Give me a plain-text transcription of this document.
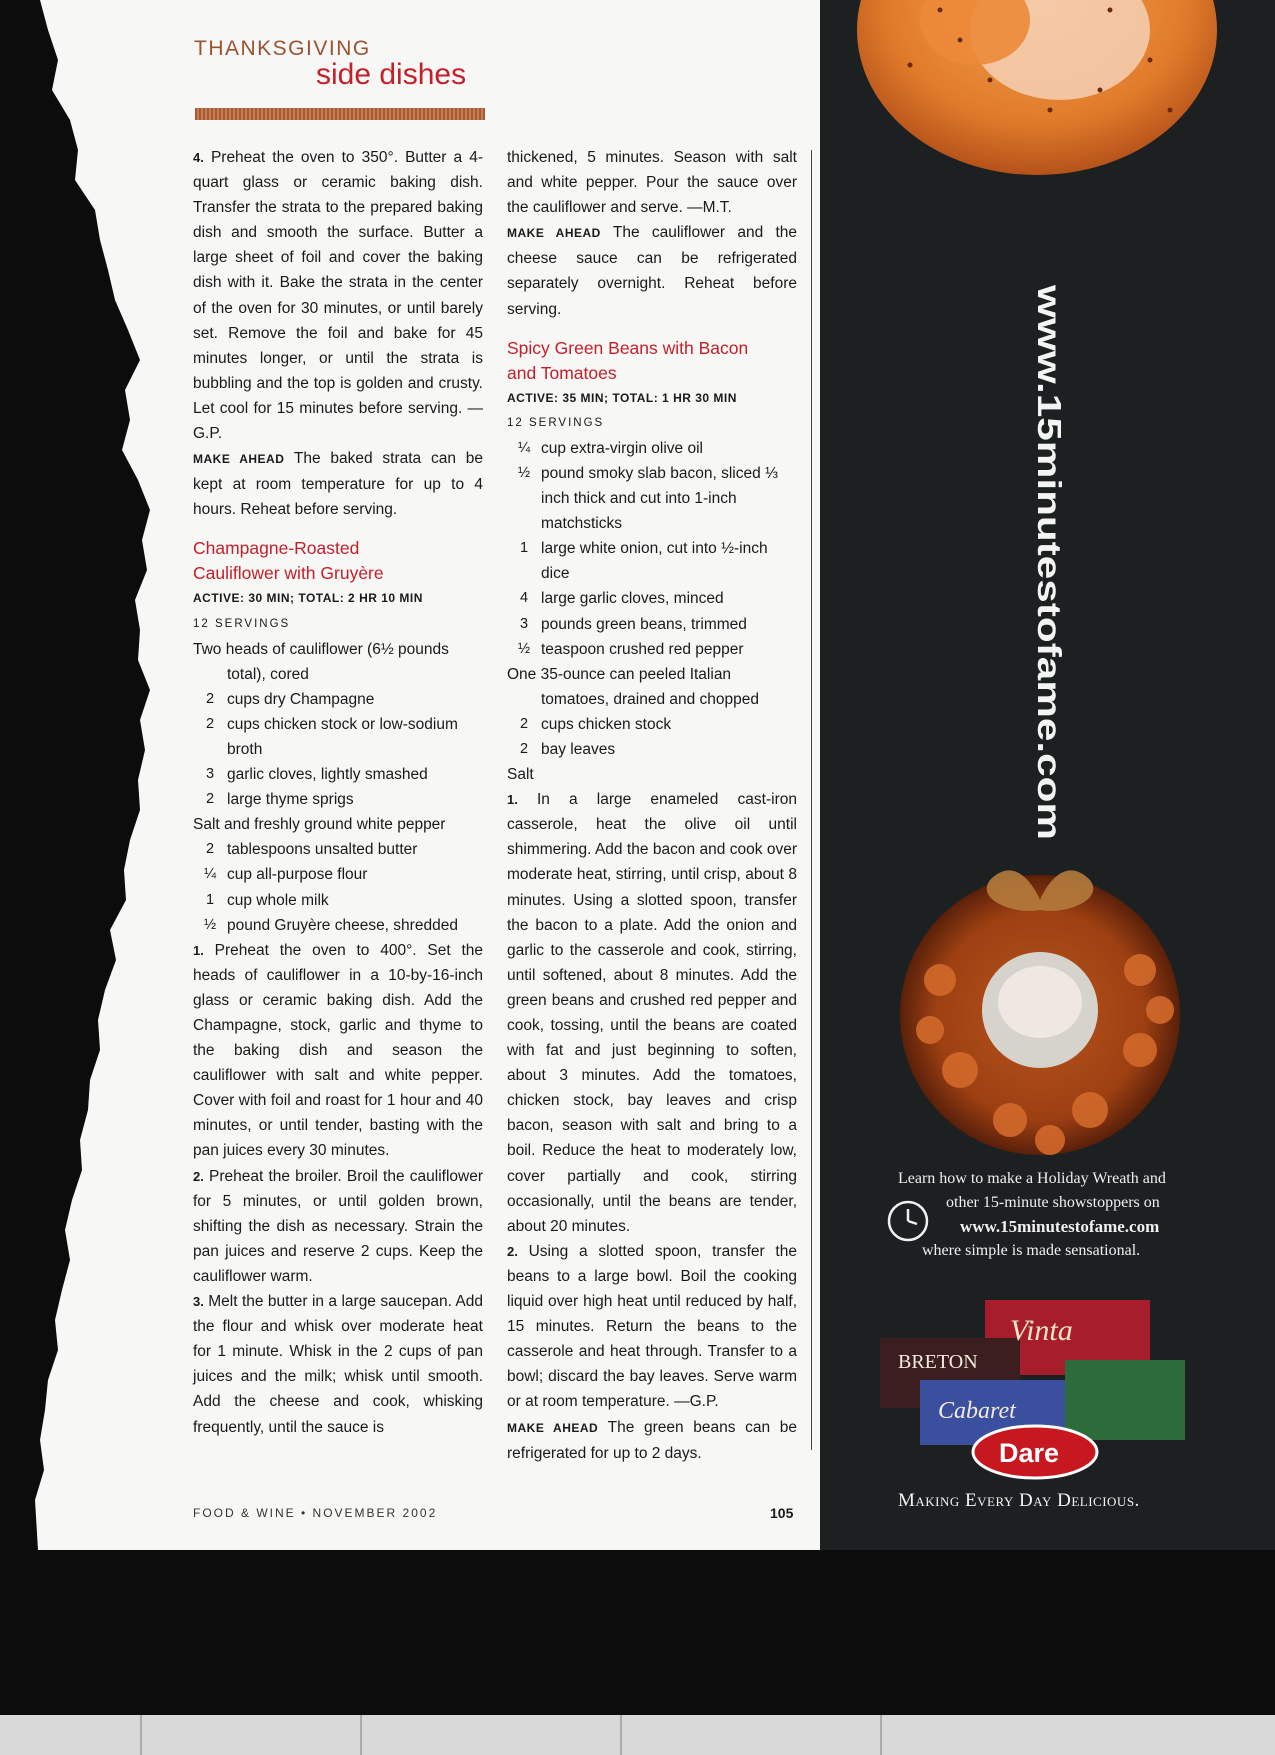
THANKSGIVING
side dishes

4. Preheat the oven to 350°. Butter a 4-quart glass or ceramic baking dish. Transfer the strata to the prepared baking dish and smooth the surface. Butter a large sheet of foil and cover the baking dish with it. Bake the strata in the center of the oven for 30 minutes, or until barely set. Remove the foil and bake for 45 minutes longer, or until the strata is bubbling and the top is golden and crusty. Let cool for 15 minutes before serving. —G.P.

MAKE AHEAD The baked strata can be kept at room temperature for up to 4 hours. Reheat before serving.

Champagne-Roasted
Cauliflower with Gruyère
ACTIVE: 30 MIN; TOTAL: 2 HR 10 MIN
12 SERVINGS
Two heads of cauliflower (6½ pounds total), cored
2 cups dry Champagne
2 cups chicken stock or low-sodium broth
3 garlic cloves, lightly smashed
2 large thyme sprigs
Salt and freshly ground white pepper
2 tablespoons unsalted butter
¼ cup all-purpose flour
1 cup whole milk
½ pound Gruyère cheese, shredded

1. Preheat the oven to 400°. Set the heads of cauliflower in a 10-by-16-inch glass or ceramic baking dish. Add the Champagne, stock, garlic and thyme to the baking dish and season the cauliflower with salt and white pepper. Cover with foil and roast for 1 hour and 40 minutes, or until tender, basting with the pan juices every 30 minutes.

2. Preheat the broiler. Broil the cauliflower for 5 minutes, or until golden brown, shifting the dish as necessary. Strain the pan juices and reserve 2 cups. Keep the cauliflower warm.

3. Melt the butter in a large saucepan. Add the flour and whisk over moderate heat for 1 minute. Whisk in the 2 cups of pan juices and the milk; whisk until smooth. Add the cheese and cook, whisking frequently, until the sauce is

thickened, 5 minutes. Season with salt and white pepper. Pour the sauce over the cauliflower and serve. —M.T.

MAKE AHEAD The cauliflower and the cheese sauce can be refrigerated separately overnight. Reheat before serving.

Spicy Green Beans with Bacon
and Tomatoes
ACTIVE: 35 MIN; TOTAL: 1 HR 30 MIN
12 SERVINGS
¼ cup extra-virgin olive oil
½ pound smoky slab bacon, sliced ⅓ inch thick and cut into 1-inch matchsticks
1 large white onion, cut into ½-inch dice
4 large garlic cloves, minced
3 pounds green beans, trimmed
½ teaspoon crushed red pepper
One 35-ounce can peeled Italian tomatoes, drained and chopped
2 cups chicken stock
2 bay leaves
Salt

1. In a large enameled cast-iron casserole, heat the olive oil until shimmering. Add the bacon and cook over moderate heat, stirring, until crisp, about 8 minutes. Using a slotted spoon, transfer the bacon to a plate. Add the onion and garlic to the casserole and cook, stirring, until softened, about 8 minutes. Add the green beans and crushed red pepper and cook, tossing, until the beans are coated with fat and just beginning to soften, about 3 minutes. Add the tomatoes, chicken stock, bay leaves and crisp bacon, season with salt and bring to a boil. Reduce the heat to moderately low, cover partially and cook, stirring occasionally, until the beans are tender, about 20 minutes.

2. Using a slotted spoon, transfer the beans to a large bowl. Boil the cooking liquid over high heat until reduced by half, 15 minutes. Return the beans to the casserole and heat through. Transfer to a bowl; discard the bay leaves. Serve warm or at room temperature. —G.P.

MAKE AHEAD The green beans can be refrigerated for up to 2 days.

FOOD & WINE • NOVEMBER 2002	105
www.15minutestofame.com
Learn how to make a Holiday Wreath and
other 15-minute showstoppers on
www.15minutestofame.com
where simple is made sensational.
Vinta
BRETON
Cabaret
Dare
Making Every Day Delicious.
